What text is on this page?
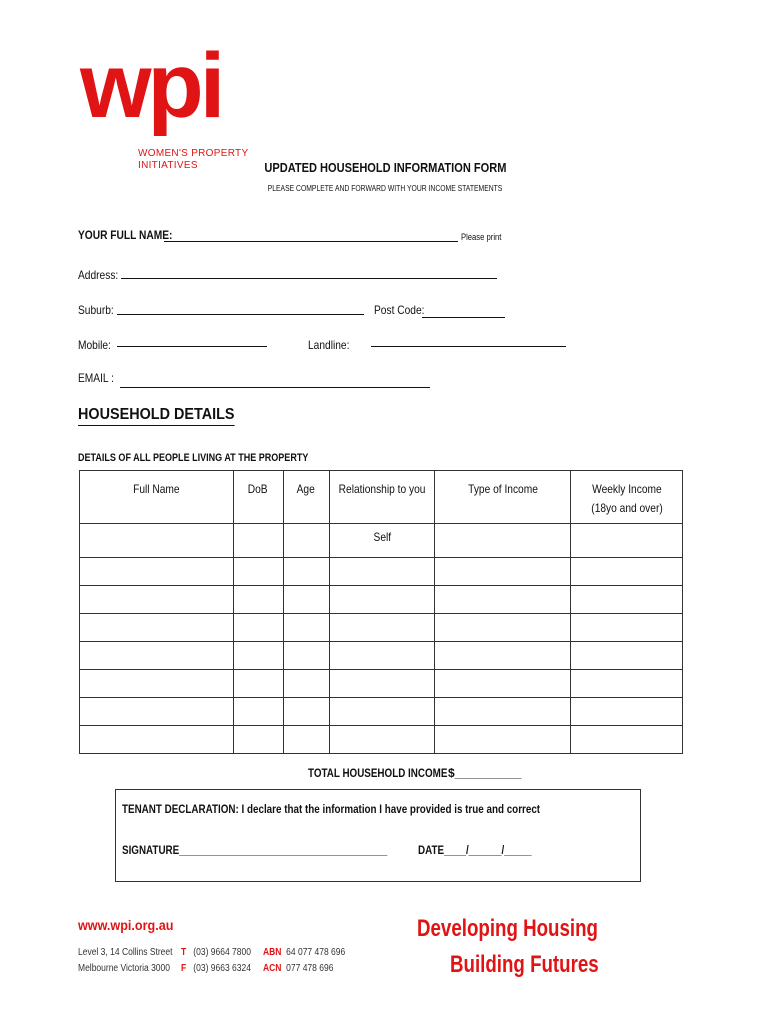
wpi
WOMEN'S PROPERTY
INITIATIVES	UPDATED HOUSEHOLD INFORMATION FORM
PLEASE COMPLETE AND FORWARD WITH YOUR INCOME STATEMENTS
YOUR FULL NAME:	Please print
Address:
Suburb:	Post Code:
Mobile:	Landline:
EMAIL :
HOUSEHOLD DETAILS
DETAILS OF ALL PEOPLE LIVING AT THE PROPERTY
Full Name	DoB	Age	Relationship to you	Type of Income	Weekly Income
(18yo and over)
			Self		

TOTAL HOUSEHOLD INCOME $__________
TENANT DECLARATION: I declare that the information I have provided is true and correct
SIGNATURE______________________________________	DATE____/______/_____
www.wpi.org.au
Level 3, 14 Collins Street
Melbourne Victoria 3000
T (03) 9664 7800
F (03) 9663 6324
ABN 64 077 478 696
ACN 077 478 696
Developing Housing
Building Futures
